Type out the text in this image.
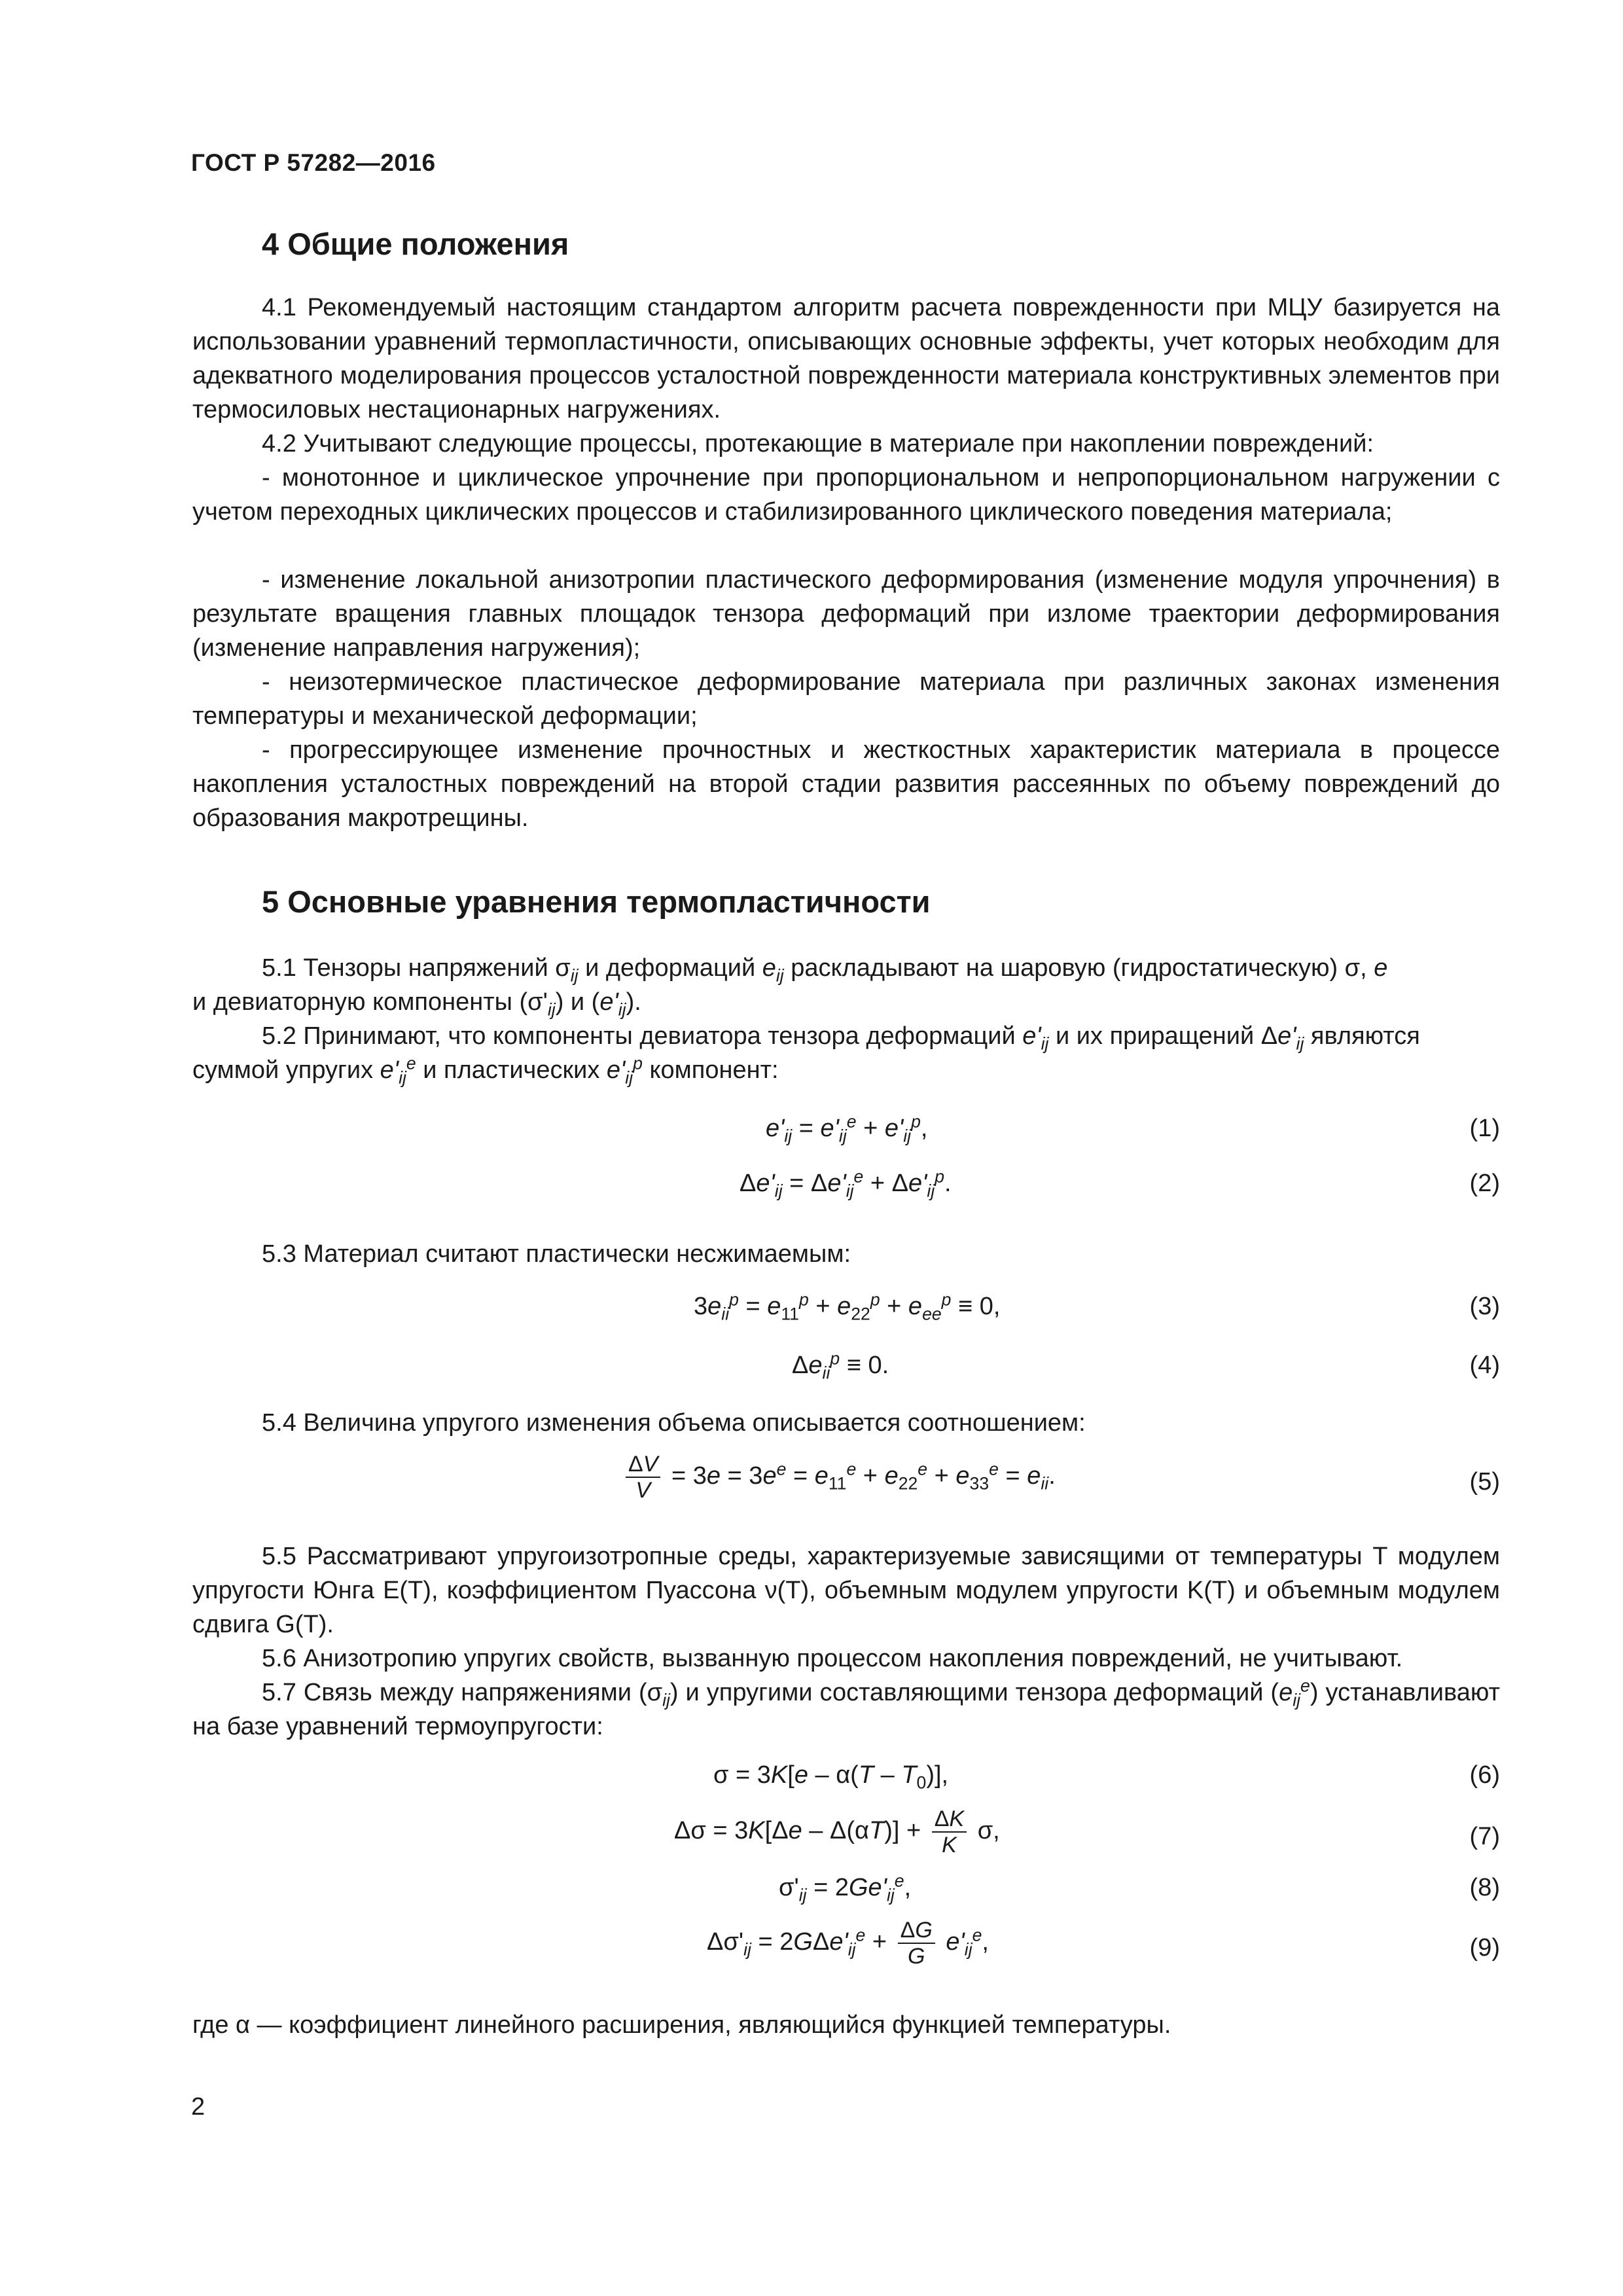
ГОСТ Р 57282—2016
4 Общие положения
4.1 Рекомендуемый настоящим стандартом алгоритм расчета поврежденности при МЦУ базируется на использовании уравнений термопластичности, описывающих основные эффекты, учет которых необходим для адекватного моделирования процессов усталостной поврежденности материала конструктивных элементов при термосиловых нестационарных нагружениях.
4.2 Учитывают следующие процессы, протекающие в материале при накоплении повреждений:
- монотонное и циклическое упрочнение при пропорциональном и непропорциональном нагружении с учетом переходных циклических процессов и стабилизированного циклического поведения материала;
- изменение локальной анизотропии пластического деформирования (изменение модуля упрочнения) в результате вращения главных площадок тензора деформаций при изломе траектории деформирования (изменение направления нагружения);
- неизотермическое пластическое деформирование материала при различных законах изменения температуры и механической деформации;
- прогрессирующее изменение прочностных и жесткостных характеристик материала в процессе накопления усталостных повреждений на второй стадии развития рассеянных по объему повреждений до образования макротрещины.
5 Основные уравнения термопластичности
5.1 Тензоры напряжений $\sigma_{ij}$ и деформаций $e_{ij}$ раскладывают на шаровую (гидростатическую) σ, e
и девиаторную компоненты $(\sigma'_{ij})$ и $(e'_{ij})$.
5.2 Принимают, что компоненты девиатора тензора деформаций $e'_{ij}$ и их приращений $\Delta e'_{ij}$ являются
суммой упругих $e'_{ij}^e$ и пластических $e'_{ij}^p$ компонент:
$e'_{ij} = e'_{ij}^e + e'_{ij}^p$,	(1)
$\Delta e'_{ij} = \Delta e'_{ij}^e + \Delta e'_{ij}^p$.	(2)
5.3 Материал считают пластически несжимаемым:
$3e_{ii}^p = e_{11}^p + e_{22}^p + e_{ee}^p \equiv 0$,	(3)
$\Delta e_{ii}^p \equiv 0$.	(4)
5.4 Величина упругого изменения объема описывается соотношением:
$\frac{\Delta V}{V} = 3e = 3e^e = e_{11}^e + e_{22}^e + e_{33}^e = e_{ii}$.	(5)
5.5 Рассматривают упругоизотропные среды, характеризуемые зависящими от температуры T модулем упругости Юнга E(T), коэффициентом Пуассона ν(T), объемным модулем упругости K(T) и объемным модулем сдвига G(T).
5.6 Анизотропию упругих свойств, вызванную процессом накопления повреждений, не учитывают.
5.7 Связь между напряжениями $(\sigma_{ij})$ и упругими составляющими тензора деформаций $(e_{ij}^e)$ устанавливают на базе уравнений термоупругости:
$\sigma = 3K[e - \alpha(T - T_0)]$,	(6)
$\Delta\sigma = 3K[\Delta e - \Delta(\alpha T)] + \frac{\Delta K}{K} \sigma$,	(7)
$\sigma'_{ij} = 2Ge'_{ij}^e$,	(8)
$\Delta\sigma'_{ij} = 2G\Delta e'_{ij}^e + \frac{\Delta G}{G} e'_{ij}^e$,	(9)
где α — коэффициент линейного расширения, являющийся функцией температуры.
2
